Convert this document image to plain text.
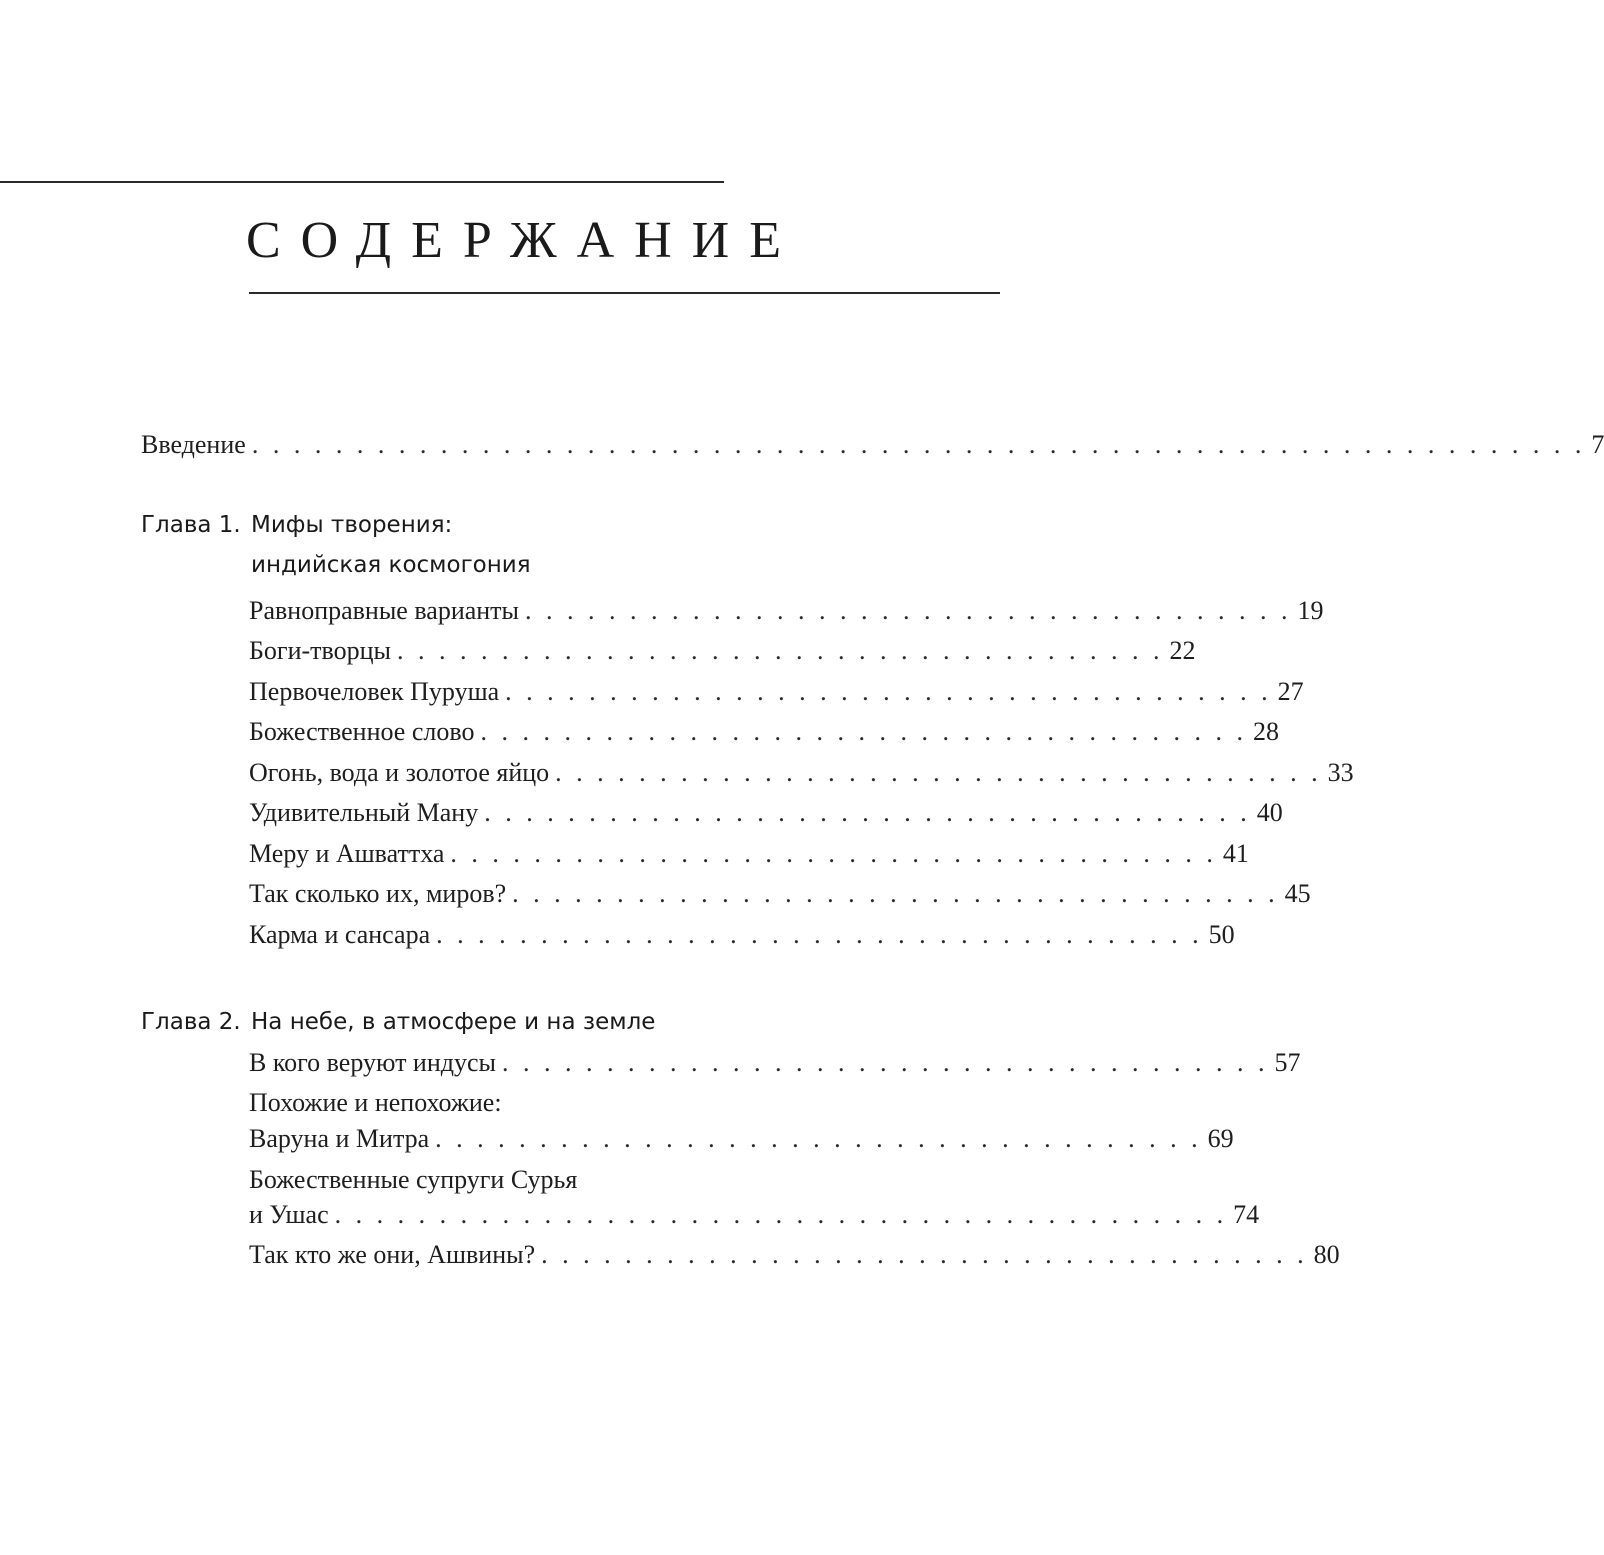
СОДЕРЖАНИЕ
Введение . . . . . . . . . . . . . . . . . . . . . . . . . . . . . . . . . . . . . . . . . . . . . . . . . . . . . . . . . . . . . . . . 7
Глава 1. Мифы творения:
индийская космогония
Равноправные варианты . . . . . . . . . . . . . . . . . . . . . . . . . . . . . . . . . . . . . 19
Боги-творцы . . . . . . . . . . . . . . . . . . . . . . . . . . . . . . . . . . . . . 22
Первочеловек Пуруша . . . . . . . . . . . . . . . . . . . . . . . . . . . . . . . . . . . . . 27
Божественное слово . . . . . . . . . . . . . . . . . . . . . . . . . . . . . . . . . . . . . 28
Огонь, вода и золотое яйцо . . . . . . . . . . . . . . . . . . . . . . . . . . . . . . . . . . . . . 33
Удивительный Ману . . . . . . . . . . . . . . . . . . . . . . . . . . . . . . . . . . . . . 40
Меру и Ашваттха . . . . . . . . . . . . . . . . . . . . . . . . . . . . . . . . . . . . . 41
Так сколько их, миров? . . . . . . . . . . . . . . . . . . . . . . . . . . . . . . . . . . . . . 45
Карма и сансара . . . . . . . . . . . . . . . . . . . . . . . . . . . . . . . . . . . . . 50
Глава 2. На небе, в атмосфере и на земле
В кого веруют индусы . . . . . . . . . . . . . . . . . . . . . . . . . . . . . . . . . . . . . 57
Похожие и непохожие:
Варуна и Митра . . . . . . . . . . . . . . . . . . . . . . . . . . . . . . . . . . . . . 69
Божественные супруги Сурья
и Ушас . . . . . . . . . . . . . . . . . . . . . . . . . . . . . . . . . . . . . . . . . . . 74
Так кто же они, Ашвины? . . . . . . . . . . . . . . . . . . . . . . . . . . . . . . . . . . . . . 80
